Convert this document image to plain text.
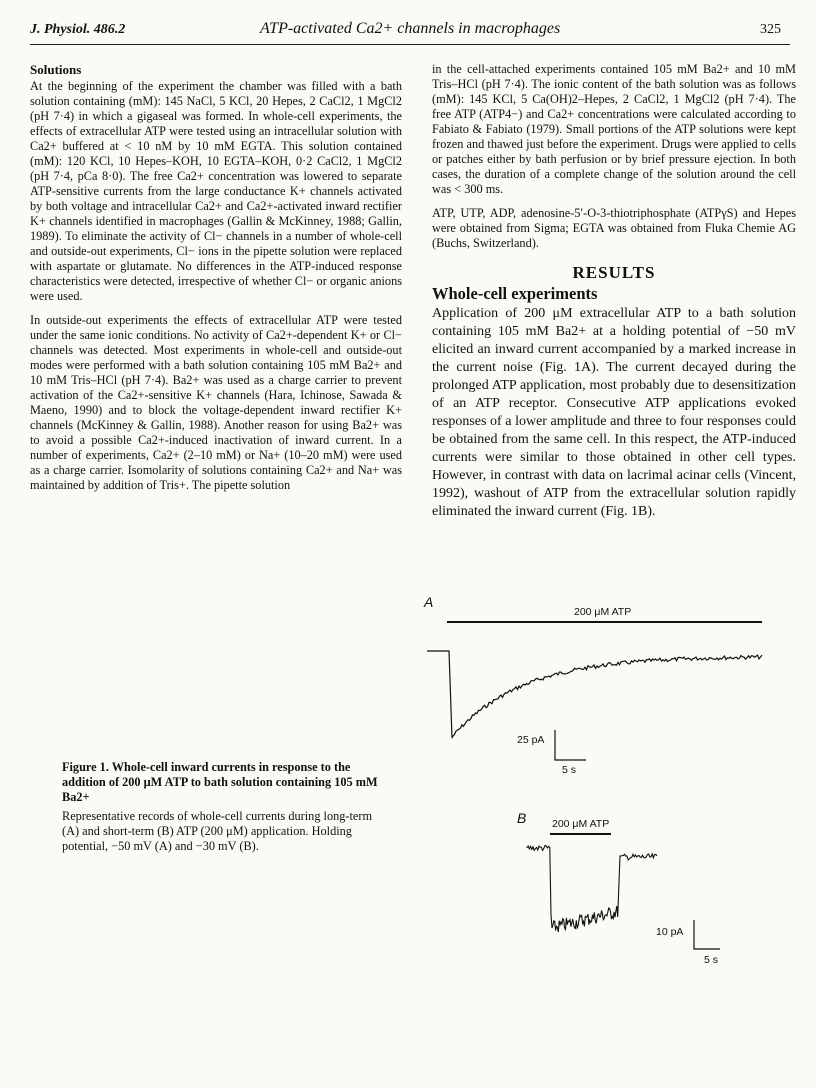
J. Physiol. 486.2	ATP-activated Ca2+ channels in macrophages	325
Solutions

At the beginning of the experiment the chamber was filled with a bath solution containing (mM): 145 NaCl, 5 KCl, 20 Hepes, 2 CaCl2, 1 MgCl2 (pH 7·4) in which a gigaseal was formed. In whole-cell experiments, the effects of extracellular ATP were tested using an intracellular solution with Ca2+ buffered at < 10 nM by 10 mM EGTA. This solution contained (mM): 120 KCl, 10 Hepes–KOH, 10 EGTA–KOH, 0·2 CaCl2, 1 MgCl2 (pH 7·4, pCa 8·0). The free Ca2+ concentration was lowered to separate ATP-sensitive currents from the large conductance K+ channels activated by both voltage and intracellular Ca2+ and Ca2+-activated inward rectifier K+ channels identified in macrophages (Gallin & McKinney, 1988; Gallin, 1989). To eliminate the activity of Cl− channels in a number of whole-cell and outside-out experiments, Cl− ions in the pipette solution were replaced with aspartate or glutamate. No differences in the ATP-induced response characteristics were detected, irrespective of whether Cl− or organic anions were used.

In outside-out experiments the effects of extracellular ATP were tested under the same ionic conditions. No activity of Ca2+-dependent K+ or Cl− channels was detected. Most experiments in whole-cell and outside-out modes were performed with a bath solution containing 105 mM Ba2+ and 10 mM Tris–HCl (pH 7·4). Ba2+ was used as a charge carrier to prevent activation of the Ca2+-sensitive K+ channels (Hara, Ichinose, Sawada & Maeno, 1990) and to block the voltage-dependent inward rectifier K+ channels (McKinney & Gallin, 1988). Another reason for using Ba2+ was to avoid a possible Ca2+-induced inactivation of inward current. In a number of experiments, Ca2+ (2–10 mM) or Na+ (10–20 mM) were used as a charge carrier. Isomolarity of solutions containing Ca2+ and Na+ was maintained by addition of Tris+. The pipette solution

in the cell-attached experiments contained 105 mM Ba2+ and 10 mM Tris–HCl (pH 7·4). The ionic content of the bath solution was as follows (mM): 145 KCl, 5 Ca(OH)2–Hepes, 2 CaCl2, 1 MgCl2 (pH 7·4). The free ATP (ATP4−) and Ca2+ concentrations were calculated according to Fabiato & Fabiato (1979). Small portions of the ATP solutions were kept frozen and thawed just before the experiment. Drugs were applied to cells or patches either by bath perfusion or by brief pressure ejection. In both cases, the duration of a complete change of the solution around the cell was < 300 ms.

ATP, UTP, ADP, adenosine-5′-O-3-thiotriphosphate (ATPγS) and Hepes were obtained from Sigma; EGTA was obtained from Fluka Chemie AG (Buchs, Switzerland).

RESULTS
Whole-cell experiments

Application of 200 μM extracellular ATP to a bath solution containing 105 mM Ba2+ at a holding potential of −50 mV elicited an inward current accompanied by a marked increase in the current noise (Fig. 1A). The current decayed during the prolonged ATP application, most probably due to desensitization of an ATP receptor. Consecutive ATP applications evoked responses of a lower amplitude and three to four responses could be obtained from the same cell. In this respect, the ATP-induced currents were similar to those obtained in other cell types. However, in contrast with data on lacrimal acinar cells (Vincent, 1992), washout of ATP from the extracellular solution rapidly eliminated the inward current (Fig. 1B).

A
200 μM ATP
25 pA
5 s
B 200 μM ATP
10 pA
5 s
Figure 1. Whole-cell inward currents in response to the addition of 200 μM ATP to bath solution containing 105 mM Ba2+
Representative records of whole-cell currents during long-term (A) and short-term (B) ATP (200 μM) application. Holding potential, −50 mV (A) and −30 mV (B).
